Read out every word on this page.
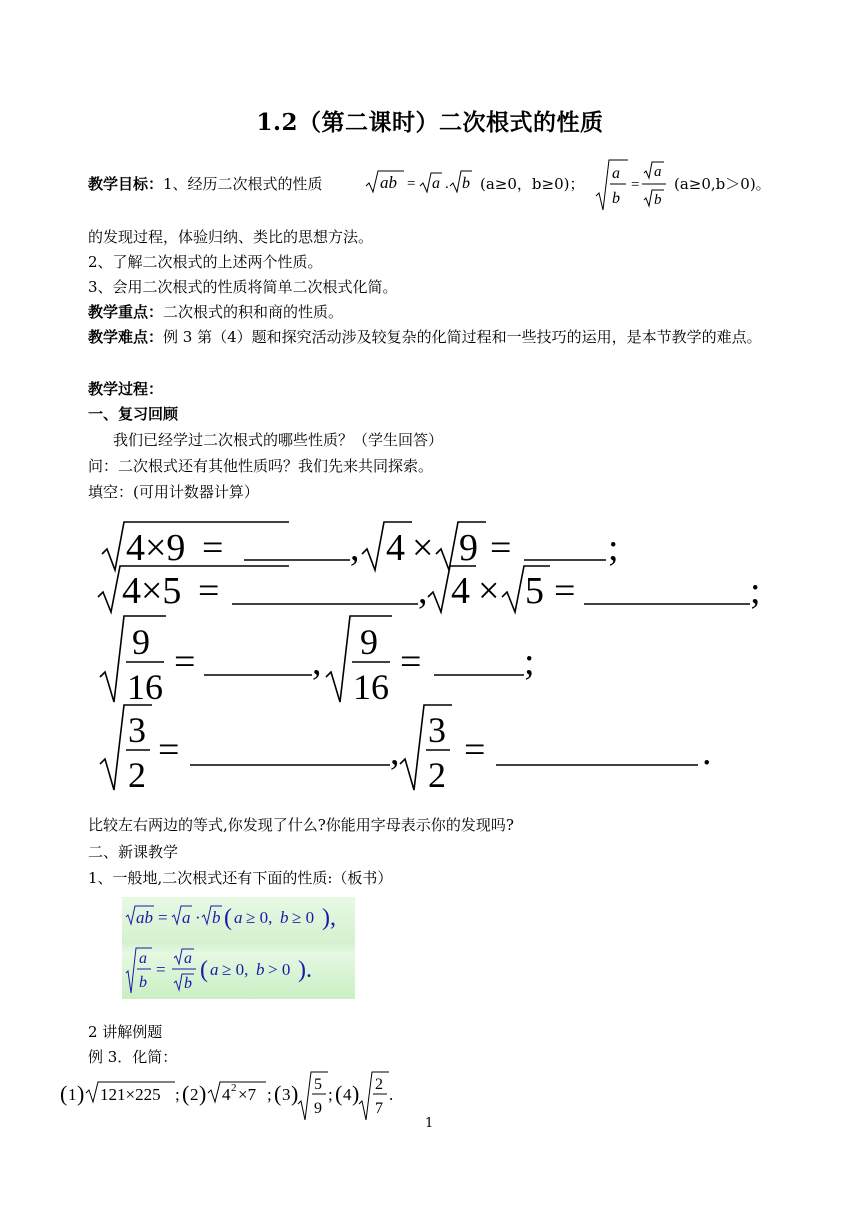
1.2（第二课时）二次根式的性质
教学目标：1、经历二次根式的性质	ab = a . b (a≥0，b≥0)；
a
b
=
a
b
(a≥0,b＞0)。
的发现过程，体验归纳、类比的思想方法。
2、了解二次根式的上述两个性质。
3、会用二次根式的性质将简单二次根式化简。
教学重点：二次根式的积和商的性质。
教学难点：例 3 第（4）题和探究活动涉及较复杂的化简过程和一些技巧的运用，是本节教学的难点。
教学过程：
一、复习回顾
我们已经学过二次根式的哪些性质？（学生回答）
问：二次根式还有其他性质吗？我们先来共同探索。
填空：(可用计数器计算）
4×9 =	, 4 × 9 =	;
4×5 =	, 4 × 5 =	;
9
16
=	, 9
16
=	;
3
2
=	,
3
2
=	.
比较左右两边的等式,你发现了什么?你能用字母表示你的发现吗?
二、新课教学
1、一般地,二次根式还有下面的性质:（板书）
ab = a · b ( a ≥ 0, b ≥ 0 ),
a
b
=
a
b
( a ≥ 0, b > 0 ).
2 讲解例题
例 3．化简：
( 1 ) 121×225 ; ( 2 ) 4 2 ×7 ; ( 3 ) 5
9
; ( 4 ) 2
7
.
1
